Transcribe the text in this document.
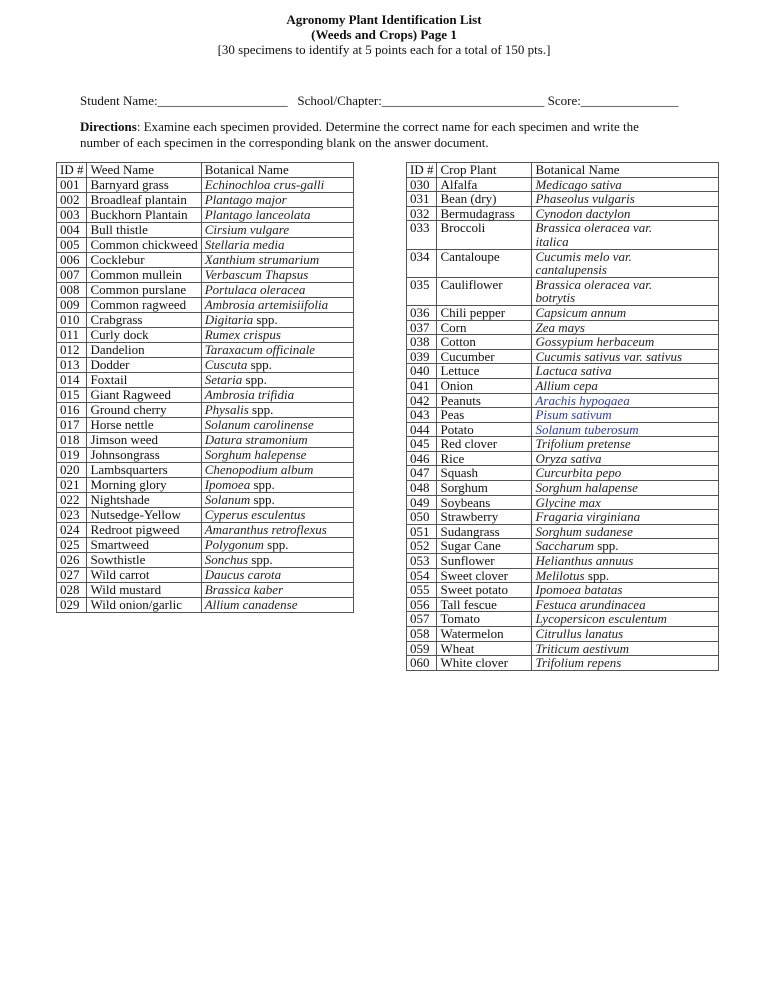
Agronomy Plant Identification List
(Weeds and Crops) Page 1
[30 specimens to identify at 5 points each for a total of 150 pts.]
Student Name:____________________ School/Chapter:_________________________ Score:_______________
Directions: Examine each specimen provided. Determine the correct name for each specimen and write the number of each specimen in the corresponding blank on the answer document.
ID #	Weed Name	Botanical Name
001	Barnyard grass	Echinochloa crus-galli
002	Broadleaf plantain	Plantago major
003	Buckhorn Plantain	Plantago lanceolata
004	Bull thistle	Cirsium vulgare
005	Common chickweed	Stellaria media
006	Cocklebur	Xanthium strumarium
007	Common mullein	Verbascum Thapsus
008	Common purslane	Portulaca oleracea
009	Common ragweed	Ambrosia artemisiifolia
010	Crabgrass	Digitaria spp.
011	Curly dock	Rumex crispus
012	Dandelion	Taraxacum officinale
013	Dodder	Cuscuta spp.
014	Foxtail	Setaria spp.
015	Giant Ragweed	Ambrosia trifidia
016	Ground cherry	Physalis spp.
017	Horse nettle	Solanum carolinense
018	Jimson weed	Datura stramonium
019	Johnsongrass	Sorghum halepense
020	Lambsquarters	Chenopodium album
021	Morning glory	Ipomoea spp.
022	Nightshade	Solanum spp.
023	Nutsedge-Yellow	Cyperus esculentus
024	Redroot pigweed	Amaranthus retroflexus
025	Smartweed	Polygonum spp.
026	Sowthistle	Sonchus spp.
027	Wild carrot	Daucus carota
028	Wild mustard	Brassica kaber
029	Wild onion/garlic	Allium canadense
ID #	Crop Plant	Botanical Name
030	Alfalfa	Medicago sativa
031	Bean (dry)	Phaseolus vulgaris
032	Bermudagrass	Cynodon dactylon
033	Broccoli	Brassica oleracea var.
italica
034	Cantaloupe	Cucumis melo var.
cantalupensis
035	Cauliflower	Brassica oleracea var.
botrytis
036	Chili pepper	Capsicum annum
037	Corn	Zea mays
038	Cotton	Gossypium herbaceum
039	Cucumber	Cucumis sativus var. sativus
040	Lettuce	Lactuca sativa
041	Onion	Allium cepa
042	Peanuts	Arachis hypogaea
043	Peas	Pisum sativum
044	Potato	Solanum tuberosum
045	Red clover	Trifolium pretense
046	Rice	Oryza sativa
047	Squash	Curcurbita pepo
048	Sorghum	Sorghum halapense
049	Soybeans	Glycine max
050	Strawberry	Fragaria virginiana
051	Sudangrass	Sorghum sudanese
052	Sugar Cane	Saccharum spp.
053	Sunflower	Helianthus annuus
054	Sweet clover	Melilotus spp.
055	Sweet potato	Ipomoea batatas
056	Tall fescue	Festuca arundinacea
057	Tomato	Lycopersicon esculentum
058	Watermelon	Citrullus lanatus
059	Wheat	Triticum aestivum
060	White clover	Trifolium repens
